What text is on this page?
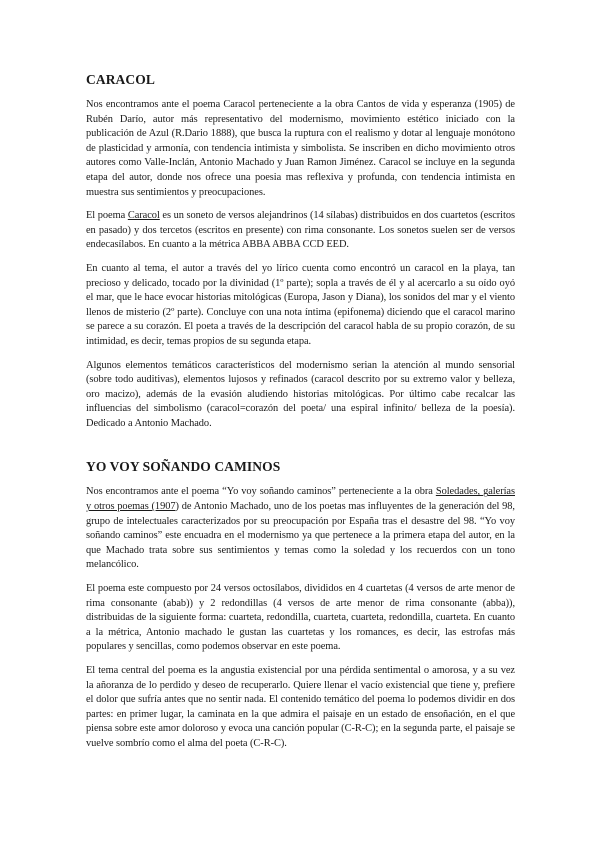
CARACOL

Nos encontramos ante el poema Caracol perteneciente a la obra Cantos de vida y esperanza (1905) de Rubén Darío, autor más representativo del modernismo, movimiento estético iniciado con la publicación de Azul (R.Dario 1888), que busca la ruptura con el realismo y dotar al lenguaje monótono de plasticidad y armonía, con tendencia intimista y simbolista. Se inscriben en dicho movimiento otros autores como Valle-Inclán, Antonio Machado y Juan Ramon Jiménez. Caracol se incluye en la segunda etapa del autor, donde nos ofrece una poesia mas reflexiva y profunda, con tendencia intimista en muestra sus sentimientos y preocupaciones.

El poema Caracol es un soneto de versos alejandrinos (14 sílabas) distribuidos en dos cuartetos (escritos en pasado) y dos tercetos (escritos en presente) con rima consonante. Los sonetos suelen ser de versos endecasílabos. En cuanto a la métrica ABBA ABBA CCD EED.

En cuanto al tema, el autor a través del yo lírico cuenta como encontró un caracol en la playa, tan precioso y delicado, tocado por la divinidad (1º parte); sopla a través de él y al acercarlo a su oído oyó el mar, que le hace evocar historias mitológicas (Europa, Jason y Diana), los sonidos del mar y el viento llenos de misterio (2º parte). Concluye con una nota íntima (epifonema) diciendo que el caracol marino se parece a su corazón. El poeta a través de la descripción del caracol habla de su propio corazón, de su intimidad, es decir, temas propios de su segunda etapa.

Algunos elementos temáticos característicos del modernismo serian la atención al mundo sensorial (sobre todo auditivas), elementos lujosos y refinados (caracol descrito por su extremo valor y belleza, oro macizo), además de la evasión aludiendo historias mitológicas. Por último cabe recalcar las influencias del simbolismo (caracol=corazón del poeta/ una espiral infinito/ belleza de la poesía). Dedicado a Antonio Machado.

YO VOY SOÑANDO CAMINOS

Nos encontramos ante el poema “Yo voy soñando caminos” perteneciente a la obra Soledades, galerías y otros poemas (1907) de Antonio Machado, uno de los poetas mas influyentes de la generación del 98, grupo de intelectuales caracterizados por su preocupación por España tras el desastre del 98. “Yo voy soñando caminos” este encuadra en el modernismo ya que pertenece a la primera etapa del autor, en la que Machado trata sobre sus sentimientos y temas como la soledad y los recuerdos con un tono melancólico.

El poema este compuesto por 24 versos octosílabos, divididos en 4 cuartetas (4 versos de arte menor de rima consonante (abab)) y 2 redondillas (4 versos de arte menor de rima consonante (abba)), distribuidas de la siguiente forma: cuarteta, redondilla, cuarteta, cuarteta, redondilla, cuarteta. En cuanto a la métrica, Antonio machado le gustan las cuartetas y los romances, es decir, las estrofas más populares y sencillas, como podemos observar en este poema.

El tema central del poema es la angustia existencial por una pérdida sentimental o amorosa, y a su vez la añoranza de lo perdido y deseo de recuperarlo. Quiere llenar el vacío existencial que tiene y, prefiere el dolor que sufría antes que no sentir nada. El contenido temático del poema lo podemos dividir en dos partes: en primer lugar, la caminata en la que admira el paisaje en un estado de ensoñación, en el que piensa sobre este amor doloroso y evoca una canción popular (C-R-C); en la segunda parte, el paisaje se vuelve sombrío como el alma del poeta (C-R-C).
